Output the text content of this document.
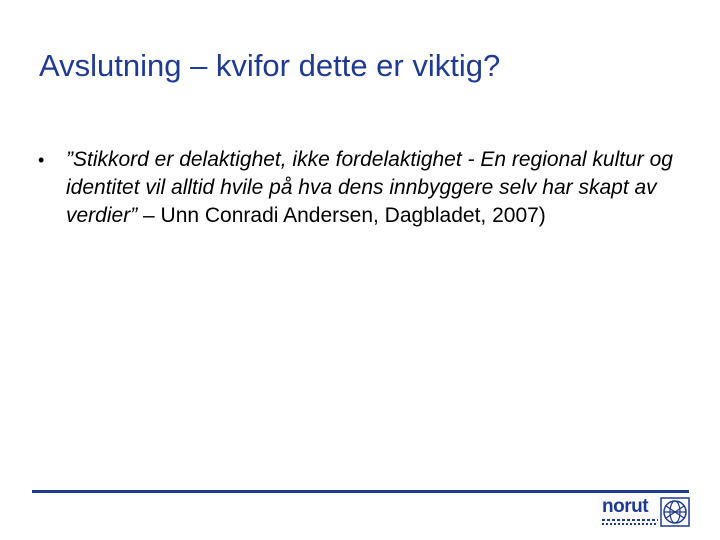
Avslutning – kvifor dette er viktig?
• ”Stikkord er delaktighet, ikke fordelaktighet - En regional kultur og identitet vil alltid hvile på hva dens innbyggere selv har skapt av verdier” – Unn Conradi Andersen, Dagbladet, 2007)
norut
